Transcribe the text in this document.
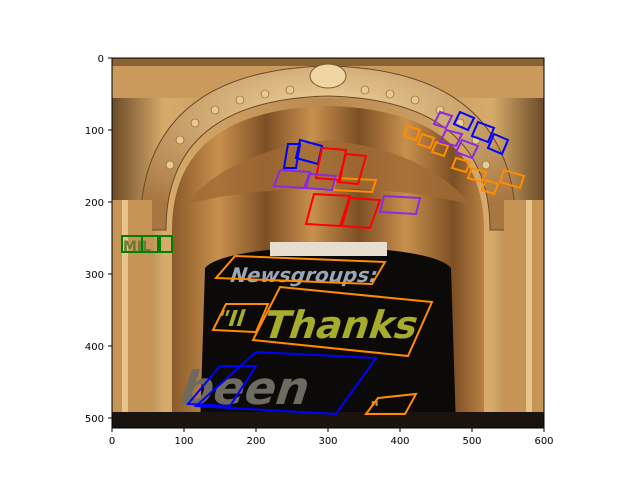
Newsgroups:
Thanks
"Il
been	"
MIL
0	100	200	300	400	500	600
0
100
200
300
400
500
